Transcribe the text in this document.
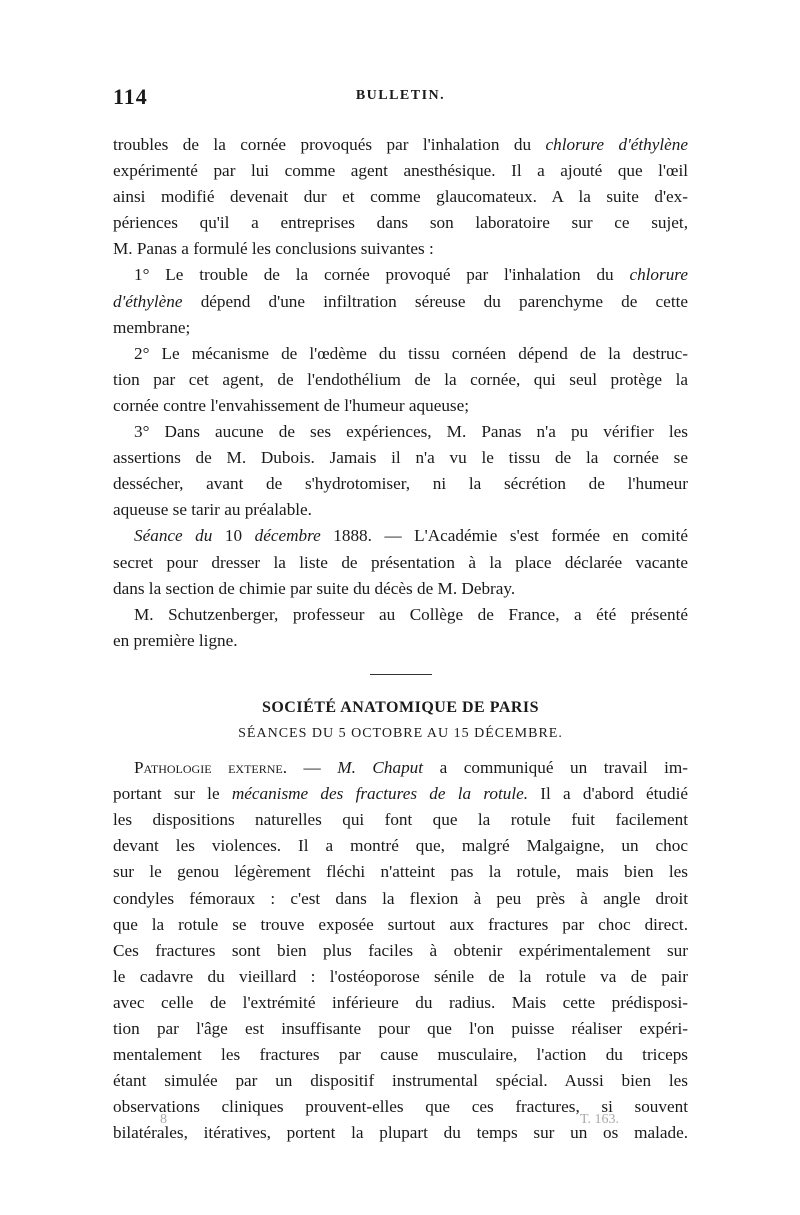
114	BULLETIN.
troubles de la cornée provoqués par l'inhalation du chlorure d'éthylène
expérimenté par lui comme agent anesthésique. Il a ajouté que l'œil
ainsi modifié devenait dur et comme glaucomateux. A la suite d'ex-
périences qu'il a entreprises dans son laboratoire sur ce sujet,
M. Panas a formulé les conclusions suivantes :
1° Le trouble de la cornée provoqué par l'inhalation du chlorure
d'éthylène dépend d'une infiltration séreuse du parenchyme de cette
membrane;
2° Le mécanisme de l'œdème du tissu cornéen dépend de la destruc-
tion par cet agent, de l'endothélium de la cornée, qui seul protège la
cornée contre l'envahissement de l'humeur aqueuse;
3° Dans aucune de ses expériences, M. Panas n'a pu vérifier les
assertions de M. Dubois. Jamais il n'a vu le tissu de la cornée se
dessécher, avant de s'hydrotomiser, ni la sécrétion de l'humeur
aqueuse se tarir au préalable.
Séance du 10 décembre 1888. — L'Académie s'est formée en comité
secret pour dresser la liste de présentation à la place déclarée vacante
dans la section de chimie par suite du décès de M. Debray.
M. Schutzenberger, professeur au Collège de France, a été présenté
en première ligne.
SOCIÉTÉ ANATOMIQUE DE PARIS
SÉANCES DU 5 OCTOBRE AU 15 DÉCEMBRE.
Pathologie externe. — M. Chaput a communiqué un travail im-
portant sur le mécanisme des fractures de la rotule. Il a d'abord étudié
les dispositions naturelles qui font que la rotule fuit facilement
devant les violences. Il a montré que, malgré Malgaigne, un choc
sur le genou légèrement fléchi n'atteint pas la rotule, mais bien les
condyles fémoraux : c'est dans la flexion à peu près à angle droit
que la rotule se trouve exposée surtout aux fractures par choc direct.
Ces fractures sont bien plus faciles à obtenir expérimentalement sur
le cadavre du vieillard : l'ostéoporose sénile de la rotule va de pair
avec celle de l'extrémité inférieure du radius. Mais cette prédisposi-
tion par l'âge est insuffisante pour que l'on puisse réaliser expéri-
mentalement les fractures par cause musculaire, l'action du triceps
étant simulée par un dispositif instrumental spécial. Aussi bien les
observations cliniques prouvent-elles que ces fractures, si souvent
bilatérales, itératives, portent la plupart du temps sur un os malade.
8	T. 163.
